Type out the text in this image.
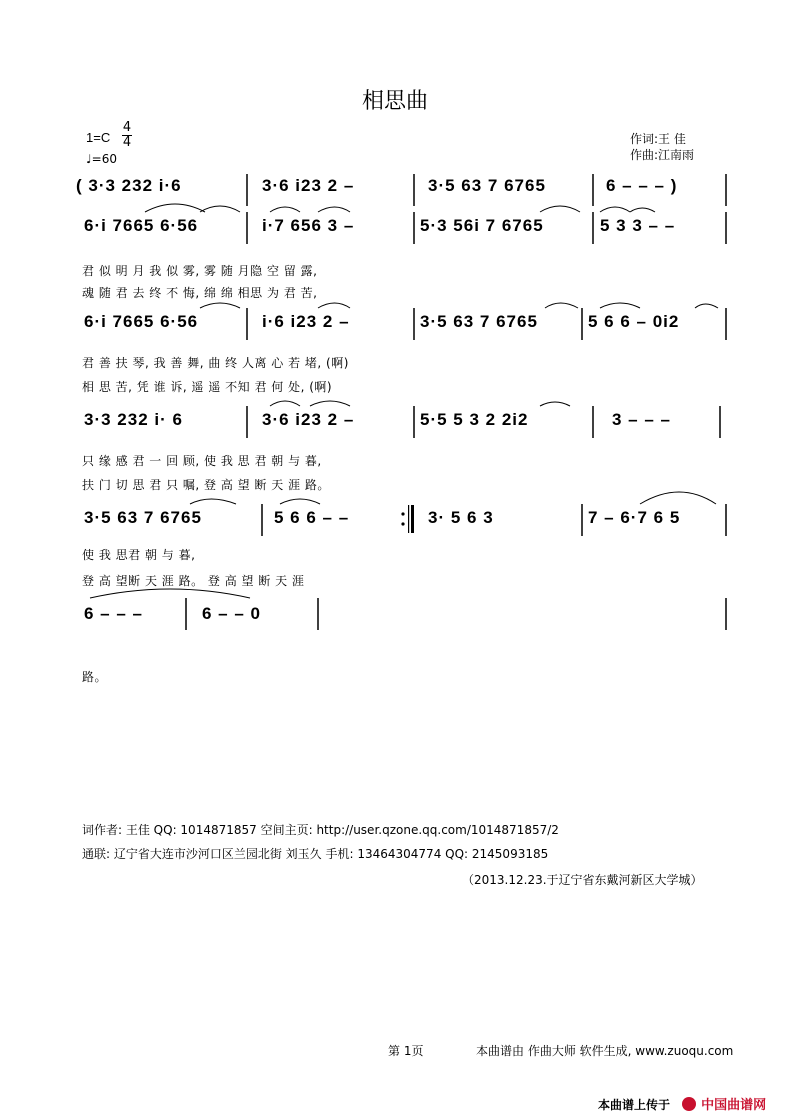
相思曲
1=C
4
4
♩=60
作词:王 佳
作曲:江南雨
( 3·3 232 i·6	3·6 i23 2 –	3·5 63 7 6765	6 – – – )
6·i 7665 6·56	i·7 656 3 –	5·3 56i 7 6765	5 3 3 – –
君 似 明 月 我 似 雾, 雾 随 月隐 空 留 露,
魂 随 君 去 终 不 悔, 绵 绵 相思 为 君 苦,
6·i 7665 6·56	i·6 i23 2 –	3·5 63 7 6765	5 6 6 – 0i2
君 善 扶 琴, 我 善 舞, 曲 终 人离 心 若 堵, (啊)
相 思 苦, 凭 谁 诉, 遥 遥 不知 君 何 处, (啊)
3·3 232 i· 6	3·6 i23 2 –	5·5 5 3 2 2i2	3 – – –
只 缘 感 君 一 回 顾, 使 我 思 君 朝 与 暮,
扶 门 切 思 君 只 嘱, 登 高 望 断 天 涯 路。
3·5 63 7 6765	5 6 6 – –	3· 5 6 3	7 – 6·7 6 5
使 我 思君 朝 与 暮,
登 高 望断 天 涯 路。 登 高 望 断 天 涯
6 – – –	6 – – 0
路。
词作者: 王佳 QQ: 1014871857 空间主页: http://user.qzone.qq.com/1014871857/2
通联: 辽宁省大连市沙河口区兰园北街 刘玉久 手机: 13464304774 QQ: 2145093185
（2013.12.23.于辽宁省东戴河新区大学城）
第 1页	本曲谱由 作曲大师 软件生成, www.zuoqu.com
本曲谱上传于	中国曲谱网
